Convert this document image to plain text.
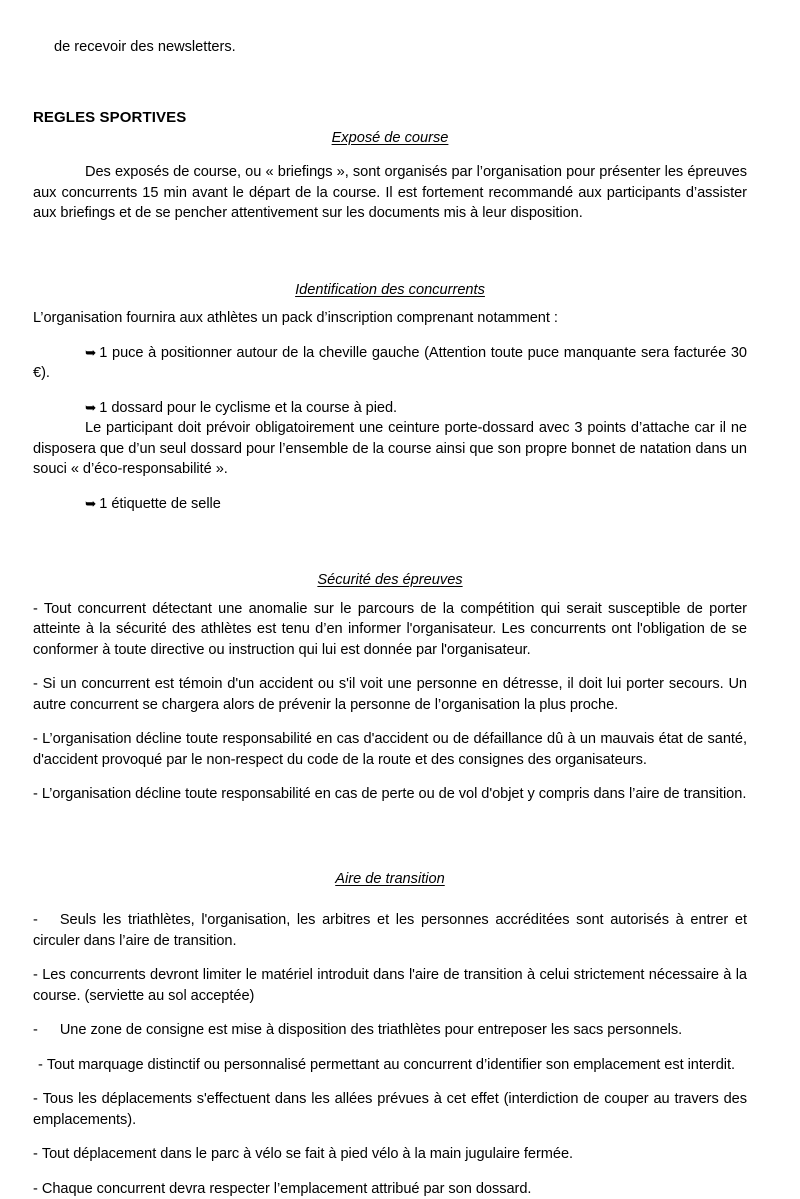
de recevoir des newsletters.

REGLES SPORTIVES
Exposé de course

Des exposés de course, ou « briefings », sont organisés par l’organisation pour présenter les épreuves aux concurrents 15 min avant le départ de la course. Il est fortement recommandé aux participants d’assister aux briefings et de se pencher attentivement sur les documents mis à leur disposition.

Identification des concurrents

L’organisation fournira aux athlètes un pack d’inscription comprenant notamment :

➥ 1 puce à positionner autour de la cheville gauche (Attention toute puce manquante sera facturée 30 €).

➥ 1 dossard pour le cyclisme et la course à pied.

Le participant doit prévoir obligatoirement une ceinture porte-dossard avec 3 points d’attache car il ne disposera que d’un seul dossard pour l’ensemble de la course ainsi que son propre bonnet de natation dans un souci « d’éco-responsabilité ».

➥ 1 étiquette de selle

Sécurité des épreuves

- Tout concurrent détectant une anomalie sur le parcours de la compétition qui serait susceptible de porter atteinte à la sécurité des athlètes est tenu d’en informer l'organisateur. Les concurrents ont l'obligation de se conformer à toute directive ou instruction qui lui est donnée par l'organisateur.

- Si un concurrent est témoin d'un accident ou s'il voit une personne en détresse, il doit lui porter secours. Un autre concurrent se chargera alors de prévenir la personne de l’organisation la plus proche.

- L’organisation décline toute responsabilité en cas d'accident ou de défaillance dû à un mauvais état de santé, d'accident provoqué par le non-respect du code de la route et des consignes des organisateurs.

- L’organisation décline toute responsabilité en cas de perte ou de vol d'objet y compris dans l’aire de transition.

Aire de transition

- Seuls les triathlètes, l'organisation, les arbitres et les personnes accréditées sont autorisés à entrer et circuler dans l’aire de transition.

- Les concurrents devront limiter le matériel introduit dans l'aire de transition à celui strictement nécessaire à la course. (serviette au sol acceptée)

- Une zone de consigne est mise à disposition des triathlètes pour entreposer les sacs personnels.

- Tout marquage distinctif ou personnalisé permettant au concurrent d’identifier son emplacement est interdit.

- Tous les déplacements s'effectuent dans les allées prévues à cet effet (interdiction de couper au travers des emplacements).

- Tout déplacement dans le parc à vélo se fait à pied vélo à la main jugulaire fermée.

- Chaque concurrent devra respecter l’emplacement attribué par son dossard.
